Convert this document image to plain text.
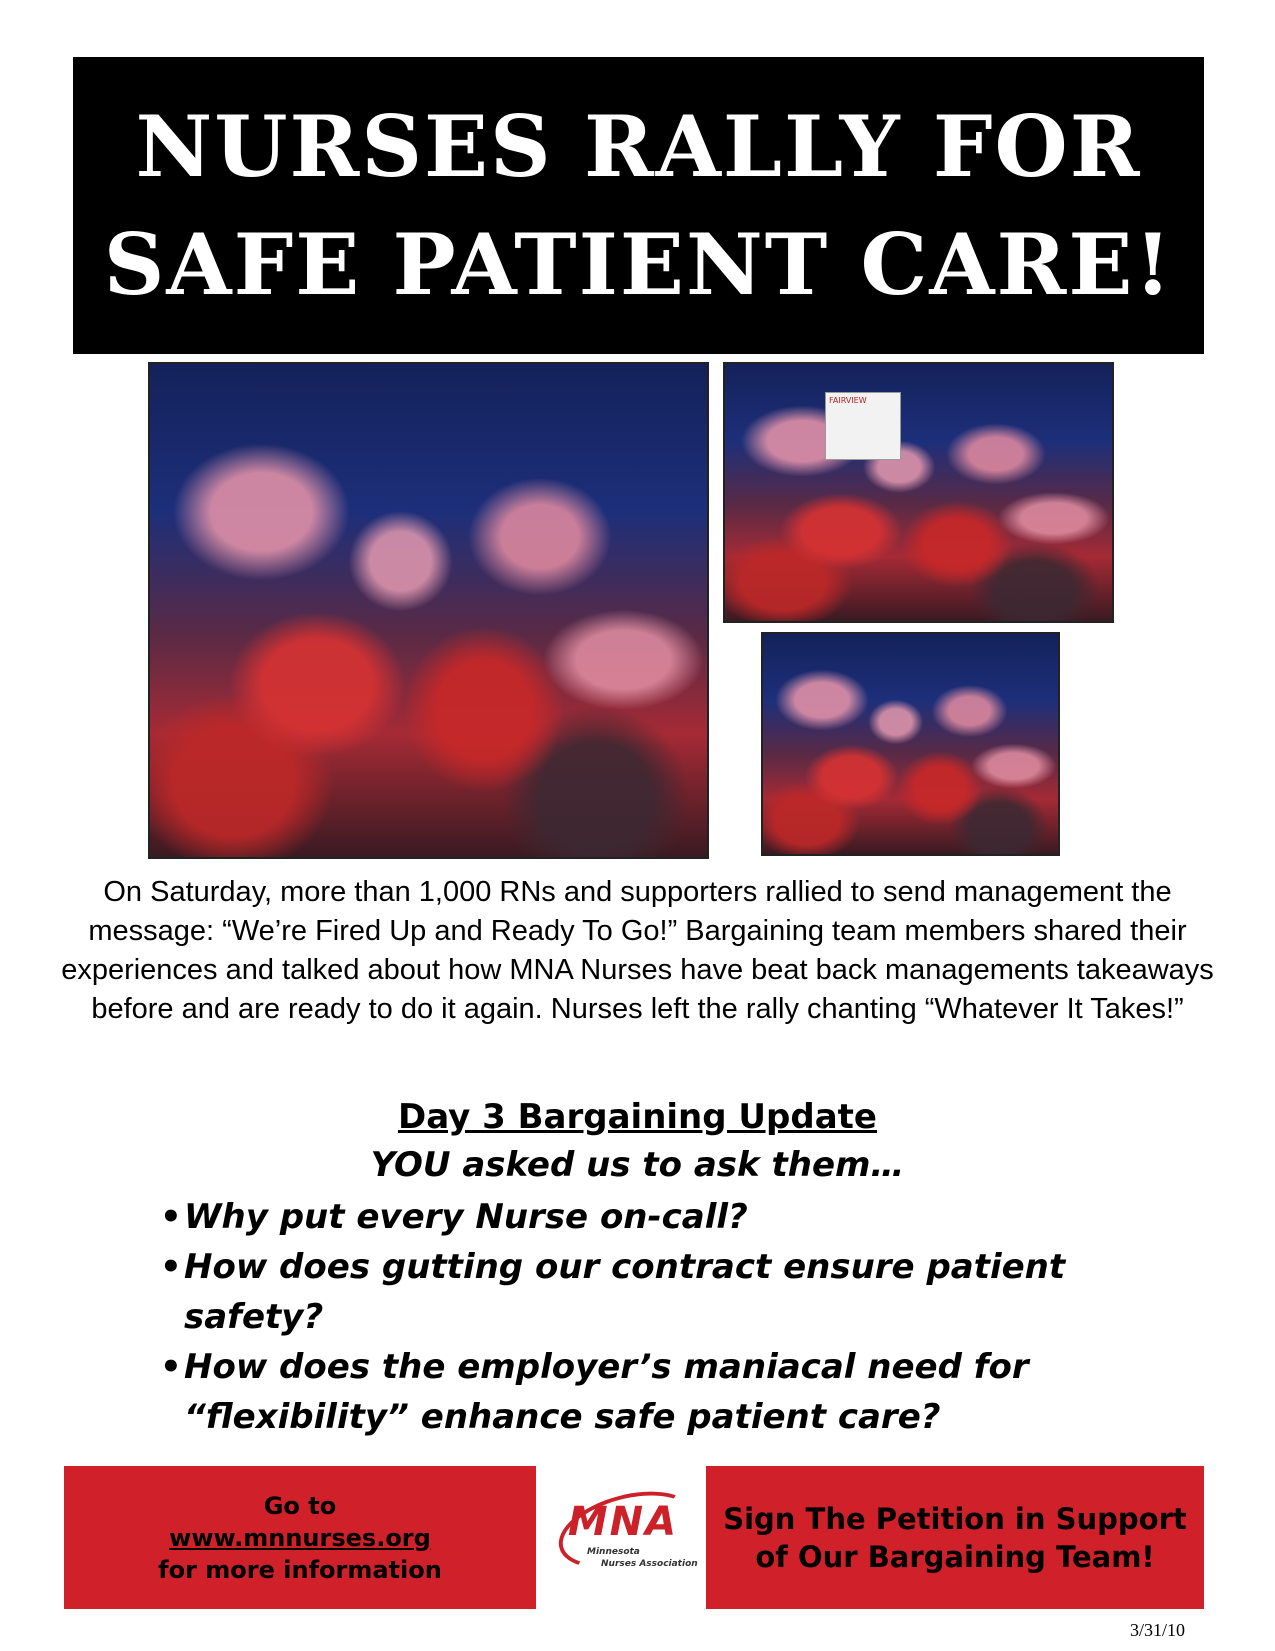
NURSES RALLY FOR
SAFE PATIENT CARE!
FAIRVIEW
On Saturday, more than 1,000 RNs and supporters rallied to send management the message: “We’re Fired Up and Ready To Go!” Bargaining team members shared their experiences and talked about how MNA Nurses have beat back managements takeaways before and are ready to do it again. Nurses left the rally chanting “Whatever It Takes!”
Day 3 Bargaining Update
YOU asked us to ask them…
• Why put every Nurse on-call?
• How does gutting our contract ensure patient safety?
• How does the employer’s maniacal need for “flexibility” enhance safe patient care?
Go to
www.mnnurses.org
for more information
MNA
Minnesota
Nurses Association
Sign The Petition in Support of Our Bargaining Team!
3/31/10
